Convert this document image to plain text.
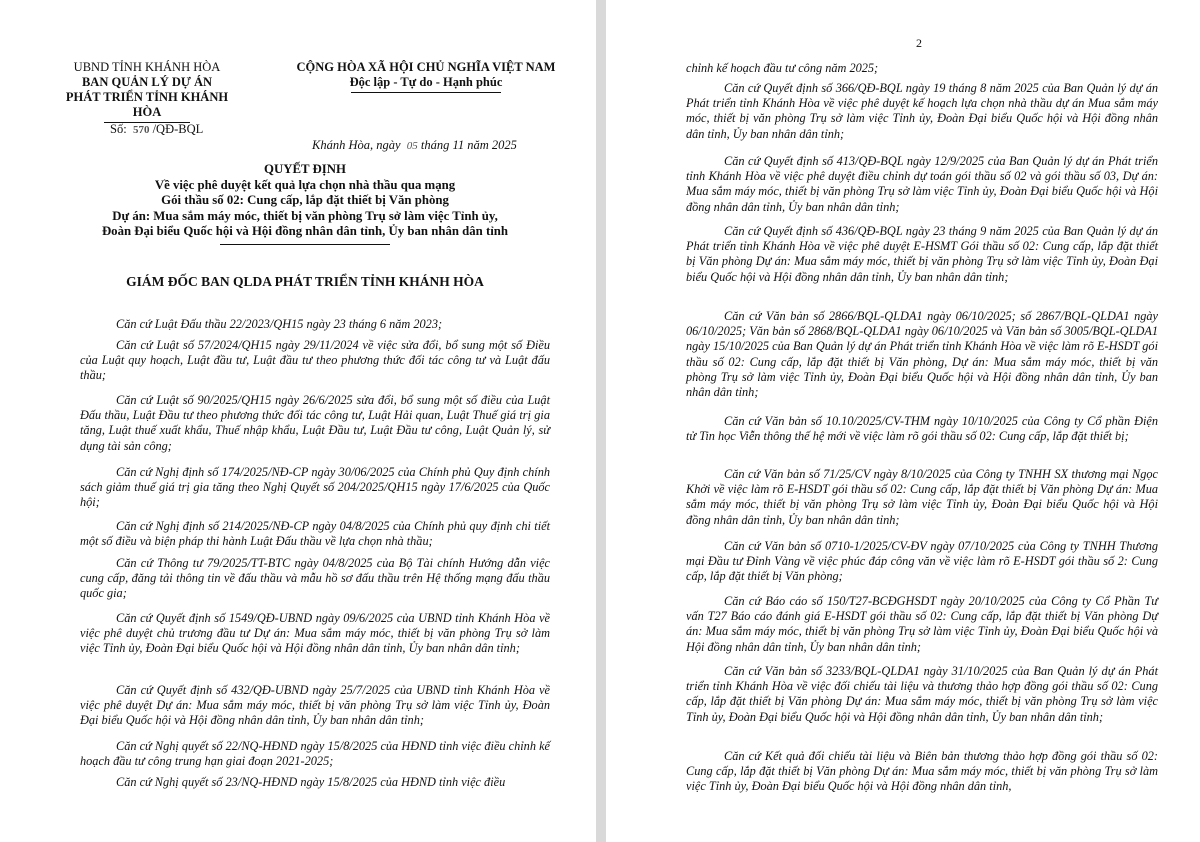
UBND TỈNH KHÁNH HÒA
BAN QUẢN LÝ DỰ ÁN
PHÁT TRIỂN TỈNH KHÁNH HÒA
CỘNG HÒA XÃ HỘI CHỦ NGHĨA VIỆT NAM
Độc lập - Tự do - Hạnh phúc
Số: 570 /QĐ-BQL
Khánh Hòa, ngày 05 tháng 11 năm 2025
QUYẾT ĐỊNH
Về việc phê duyệt kết quả lựa chọn nhà thầu qua mạng
Gói thầu số 02: Cung cấp, lắp đặt thiết bị Văn phòng
Dự án: Mua sắm máy móc, thiết bị văn phòng Trụ sở làm việc Tỉnh ủy,
Đoàn Đại biểu Quốc hội và Hội đồng nhân dân tỉnh, Ủy ban nhân dân tỉnh
GIÁM ĐỐC BAN QLDA PHÁT TRIỂN TỈNH KHÁNH HÒA

Căn cứ Luật Đấu thầu 22/2023/QH15 ngày 23 tháng 6 năm 2023;

Căn cứ Luật số 57/2024/QH15 ngày 29/11/2024 về việc sửa đổi, bổ sung một số Điều của Luật quy hoạch, Luật đầu tư, Luật đầu tư theo phương thức đối tác công tư và Luật đấu thầu;

Căn cứ Luật số 90/2025/QH15 ngày 26/6/2025 sửa đổi, bổ sung một số điều của Luật Đấu thầu, Luật Đầu tư theo phương thức đối tác công tư, Luật Hải quan, Luật Thuế giá trị gia tăng, Luật thuế xuất khẩu, Thuế nhập khẩu, Luật Đầu tư, Luật Đầu tư công, Luật Quản lý, sử dụng tài sản công;

Căn cứ Nghị định số 174/2025/NĐ-CP ngày 30/06/2025 của Chính phủ Quy định chính sách giảm thuế giá trị gia tăng theo Nghị Quyết số 204/2025/QH15 ngày 17/6/2025 của Quốc hội;

Căn cứ Nghị định số 214/2025/NĐ-CP ngày 04/8/2025 của Chính phủ quy định chi tiết một số điều và biện pháp thi hành Luật Đấu thầu về lựa chọn nhà thầu;

Căn cứ Thông tư 79/2025/TT-BTC ngày 04/8/2025 của Bộ Tài chính Hướng dẫn việc cung cấp, đăng tải thông tin về đấu thầu và mẫu hồ sơ đấu thầu trên Hệ thống mạng đấu thầu quốc gia;

Căn cứ Quyết định số 1549/QĐ-UBND ngày 09/6/2025 của UBND tỉnh Khánh Hòa về việc phê duyệt chủ trương đầu tư Dự án: Mua sắm máy móc, thiết bị văn phòng Trụ sở làm việc Tỉnh ủy, Đoàn Đại biểu Quốc hội và Hội đồng nhân dân tỉnh, Ủy ban nhân dân tỉnh;

Căn cứ Quyết định số 432/QĐ-UBND ngày 25/7/2025 của UBND tỉnh Khánh Hòa về việc phê duyệt Dự án: Mua sắm máy móc, thiết bị văn phòng Trụ sở làm việc Tỉnh ủy, Đoàn Đại biểu Quốc hội và Hội đồng nhân dân tỉnh, Ủy ban nhân dân tỉnh;

Căn cứ Nghị quyết số 22/NQ-HĐND ngày 15/8/2025 của HĐND tỉnh việc điều chỉnh kế hoạch đầu tư công trung hạn giai đoạn 2021-2025;

Căn cứ Nghị quyết số 23/NQ-HĐND ngày 15/8/2025 của HĐND tỉnh việc điều

2

chỉnh kế hoạch đầu tư công năm 2025;

Căn cứ Quyết định số 366/QĐ-BQL ngày 19 tháng 8 năm 2025 của Ban Quản lý dự án Phát triển tỉnh Khánh Hòa về việc phê duyệt kế hoạch lựa chọn nhà thầu dự án Mua sắm máy móc, thiết bị văn phòng Trụ sở làm việc Tỉnh ủy, Đoàn Đại biểu Quốc hội và Hội đồng nhân dân tỉnh, Ủy ban nhân dân tỉnh;

Căn cứ Quyết định số 413/QĐ-BQL ngày 12/9/2025 của Ban Quản lý dự án Phát triển tỉnh Khánh Hòa về việc phê duyệt điều chỉnh dự toán gói thầu số 02 và gói thầu số 03, Dự án: Mua sắm máy móc, thiết bị văn phòng Trụ sở làm việc Tỉnh ủy, Đoàn Đại biểu Quốc hội và Hội đồng nhân dân tỉnh, Ủy ban nhân dân tỉnh;

Căn cứ Quyết định số 436/QĐ-BQL ngày 23 tháng 9 năm 2025 của Ban Quản lý dự án Phát triển tỉnh Khánh Hòa về việc phê duyệt E-HSMT Gói thầu số 02: Cung cấp, lắp đặt thiết bị Văn phòng Dự án: Mua sắm máy móc, thiết bị văn phòng Trụ sở làm việc Tỉnh ủy, Đoàn Đại biểu Quốc hội và Hội đồng nhân dân tỉnh, Ủy ban nhân dân tỉnh;

Căn cứ Văn bản số 2866/BQL-QLDA1 ngày 06/10/2025; số 2867/BQL-QLDA1 ngày 06/10/2025; Văn bản số 2868/BQL-QLDA1 ngày 06/10/2025 và Văn bản số 3005/BQL-QLDA1 ngày 15/10/2025 của Ban Quản lý dự án Phát triển tỉnh Khánh Hòa về việc làm rõ E-HSDT gói thầu số 02: Cung cấp, lắp đặt thiết bị Văn phòng, Dự án: Mua sắm máy móc, thiết bị văn phòng Trụ sở làm việc Tỉnh ủy, Đoàn Đại biểu Quốc hội và Hội đồng nhân dân tỉnh, Ủy ban nhân dân tỉnh;

Căn cứ Văn bản số 10.10/2025/CV-THM ngày 10/10/2025 của Công ty Cổ phần Điện tử Tin học Viễn thông thế hệ mới về việc làm rõ gói thầu số 02: Cung cấp, lắp đặt thiết bị;

Căn cứ Văn bản số 71/25/CV ngày 8/10/2025 của Công ty TNHH SX thương mại Ngọc Khởi về việc làm rõ E-HSDT gói thầu số 02: Cung cấp, lắp đặt thiết bị Văn phòng Dự án: Mua sắm máy móc, thiết bị văn phòng Trụ sở làm việc Tỉnh ủy, Đoàn Đại biểu Quốc hội và Hội đồng nhân dân tỉnh, Ủy ban nhân dân tỉnh;

Căn cứ Văn bản số 0710-1/2025/CV-ĐV ngày 07/10/2025 của Công ty TNHH Thương mại Đầu tư Đỉnh Vàng về việc phúc đáp công văn về việc làm rõ E-HSDT gói thầu số 2: Cung cấp, lắp đặt thiết bị Văn phòng;

Căn cứ Báo cáo số 150/T27-BCĐGHSDT ngày 20/10/2025 của Công ty Cổ Phần Tư vấn T27 Báo cáo đánh giá E-HSDT gói thầu số 02: Cung cấp, lắp đặt thiết bị Văn phòng Dự án: Mua sắm máy móc, thiết bị văn phòng Trụ sở làm việc Tỉnh ủy, Đoàn Đại biểu Quốc hội và Hội đồng nhân dân tỉnh, Ủy ban nhân dân tỉnh;

Căn cứ Văn bản số 3233/BQL-QLDA1 ngày 31/10/2025 của Ban Quản lý dự án Phát triển tỉnh Khánh Hòa về việc đối chiếu tài liệu và thương thảo hợp đồng gói thầu số 02: Cung cấp, lắp đặt thiết bị Văn phòng Dự án: Mua sắm máy móc, thiết bị văn phòng Trụ sở làm việc Tỉnh ủy, Đoàn Đại biểu Quốc hội và Hội đồng nhân dân tỉnh, Ủy ban nhân dân tỉnh;

Căn cứ Kết quả đối chiếu tài liệu và Biên bản thương thảo hợp đồng gói thầu số 02: Cung cấp, lắp đặt thiết bị Văn phòng Dự án: Mua sắm máy móc, thiết bị văn phòng Trụ sở làm việc Tỉnh ủy, Đoàn Đại biểu Quốc hội và Hội đồng nhân dân tỉnh,
